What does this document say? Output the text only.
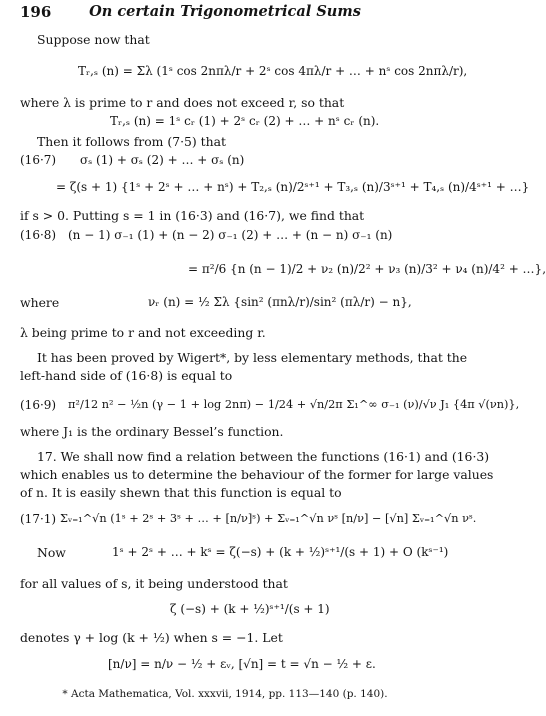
196	On certain Trigonometrical Sums
Suppose now that
Tᵣ,ₛ (n) = Σλ (1ˢ cos 2nπλ/r + 2ˢ cos 4πλ/r + … + nˢ cos 2nπλ/r),
where λ is prime to r and does not exceed r, so that
Tᵣ,ₛ (n) = 1ˢ cᵣ (1) + 2ˢ cᵣ (2) + … + nˢ cᵣ (n).
Then it follows from (7·5) that
(16·7) σₛ (1) + σₛ (2) + … + σₛ (n)
= ζ(s + 1) {1ˢ + 2ˢ + … + nˢ) + T₂,ₛ (n)/2ˢ⁺¹ + T₃,ₛ (n)/3ˢ⁺¹ + T₄,ₛ (n)/4ˢ⁺¹ + …}
if s > 0. Putting s = 1 in (16·3) and (16·7), we find that
(16·8) (n − 1) σ₋₁ (1) + (n − 2) σ₋₁ (2) + … + (n − n) σ₋₁ (n)
= π²/6 {n (n − 1)/2 + ν₂ (n)/2² + ν₃ (n)/3² + ν₄ (n)/4² + …},
where	νᵣ (n) = ½ Σλ {sin² (πnλ/r)/sin² (πλ/r) − n},
λ being prime to r and not exceeding r.
It has been proved by Wigert*, by less elementary methods, that the
left-hand side of (16·8) is equal to
(16·9) π²/12 n² − ½n (γ − 1 + log 2nπ) − 1/24 + √n/2π Σ₁^∞ σ₋₁ (ν)/√ν J₁ {4π √(νn)},
where J₁ is the ordinary Bessel’s function.
17. We shall now find a relation between the functions (16·1) and (16·3)
which enables us to determine the behaviour of the former for large values
of n. It is easily shewn that this function is equal to
(17·1) Σᵥ₌₁^√n (1ˢ + 2ˢ + 3ˢ + … + [n/ν]ˢ) + Σᵥ₌₁^√n νˢ [n/ν] − [√n] Σᵥ₌₁^√n νˢ.
Now	1ˢ + 2ˢ + … + kˢ = ζ(−s) + (k + ½)ˢ⁺¹/(s + 1) + O (kˢ⁻¹)
for all values of s, it being understood that
ζ (−s) + (k + ½)ˢ⁺¹/(s + 1)
denotes γ + log (k + ½) when s = −1. Let
[n/ν] = n/ν − ½ + εᵥ, [√n] = t = √n − ½ + ε.
* Acta Mathematica, Vol. xxxvii, 1914, pp. 113—140 (p. 140).
